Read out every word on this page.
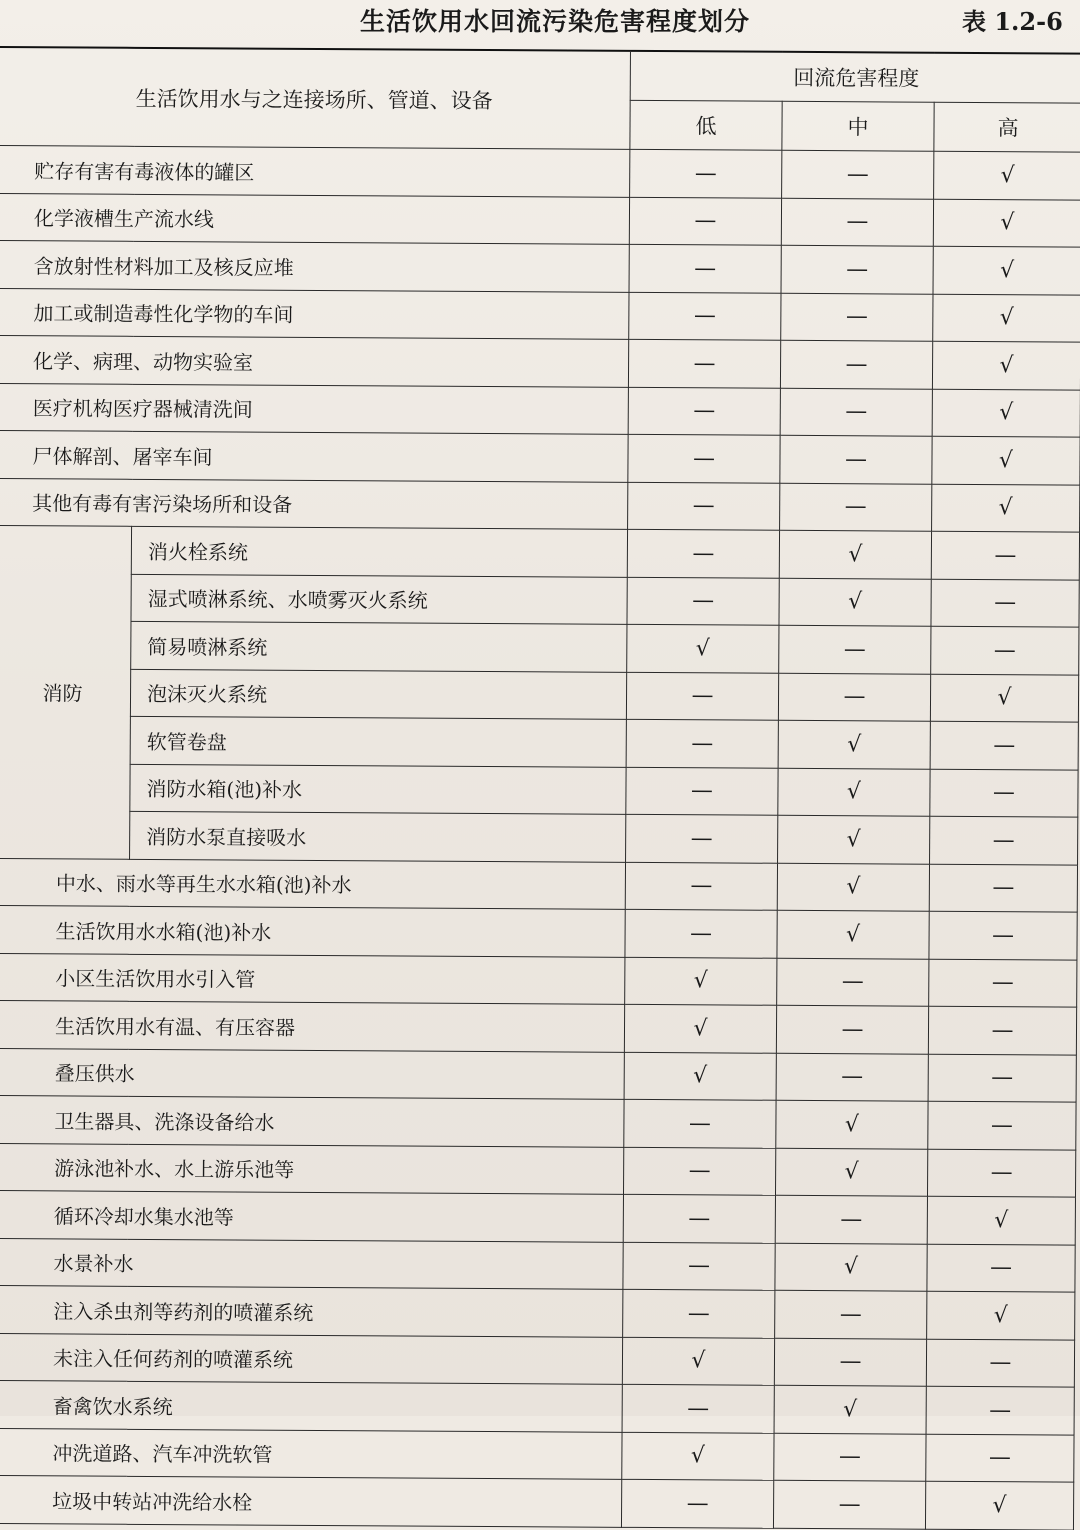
生活饮用水回流污染危害程度划分	表 1.2-6
生活饮用水与之连接场所、管道、设备		回流危害程度		
		低	中	高
贮存有害有毒液体的罐区		—	—	√
化学液槽生产流水线		—	—	√
含放射性材料加工及核反应堆		—	—	√
加工或制造毒性化学物的车间		—	—	√
化学、病理、动物实验室		—	—	√
医疗机构医疗器械清洗间		—	—	√
尸体解剖、屠宰车间		—	—	√
其他有毒有害污染场所和设备		—	—	√
消防	消火栓系统	—	√	—
	湿式喷淋系统、水喷雾灭火系统	—	√	—
	简易喷淋系统	√	—	—
	泡沫灭火系统	—	—	√
	软管卷盘	—	√	—
	消防水箱(池)补水	—	√	—
	消防水泵直接吸水	—	√	—
中水、雨水等再生水水箱(池)补水		—	√	—
生活饮用水水箱(池)补水		—	√	—
小区生活饮用水引入管		√	—	—
生活饮用水有温、有压容器		√	—	—
叠压供水		√	—	—
卫生器具、洗涤设备给水		—	√	—
游泳池补水、水上游乐池等		—	√	—
循环冷却水集水池等		—	—	√
水景补水		—	√	—
注入杀虫剂等药剂的喷灌系统		—	—	√
未注入任何药剂的喷灌系统		√	—	—
畜禽饮水系统		—	√	—
冲洗道路、汽车冲洗软管		√	—	—
垃圾中转站冲洗给水栓		—	—	√
